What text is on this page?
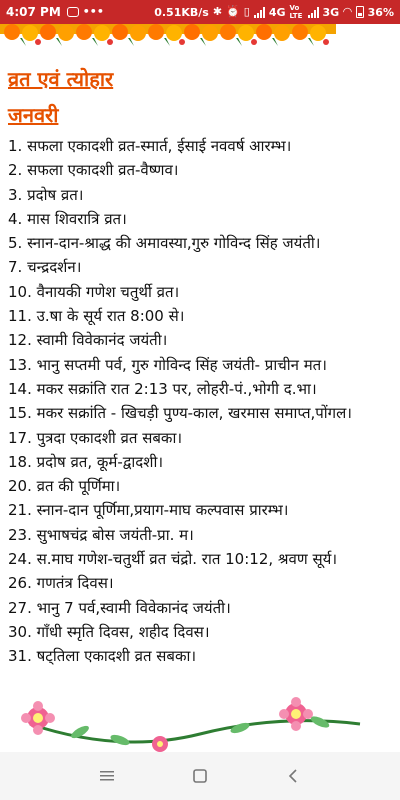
4:07 PM •••	0.51KB/s ✱ ⏰ ▯ 4G Vo LTE 3G ◠ 36%
व्रत एवं त्योहार
जनवरी
1. सफला एकादशी व्रत-स्मार्त, ईसाई नववर्ष आरम्भ।
2. सफला एकादशी व्रत-वैष्णव।
3. प्रदोष व्रत।
4. मास शिवरात्रि व्रत।
5. स्नान-दान-श्राद्ध की अमावस्या,गुरु गोविन्द सिंह जयंती।
7. चन्द्रदर्शन।
10. वैनायकी गणेश चतुर्थी व्रत।
11. उ.षा के सूर्य रात 8:00 से।
12. स्वामी विवेकानंद जयंती।
13. भानु सप्तमी पर्व, गुरु गोविन्द सिंह जयंती- प्राचीन मत।
14. मकर सक्रांति रात 2:13 पर, लोहरी-पं.,भोगी द.भा।
15. मकर सक्रांति - खिचड़ी पुण्य-काल, खरमास समाप्त,पोंगल।
17. पुत्रदा एकादशी व्रत सबका।
18. प्रदोष व्रत, कूर्म-द्वादशी।
20. व्रत की पूर्णिमा।
21. स्नान-दान पूर्णिमा,प्रयाग-माघ कल्पवास प्रारम्भ।
23. सुभाषचंद्र बोस जयंती-प्रा. म।
24. स.माघ गणेश-चतुर्थी व्रत चंद्रो. रात 10:12, श्रवण सूर्य।
26. गणतंत्र दिवस।
27. भानु 7 पर्व,स्वामी विवेकानंद जयंती।
30. गाँधी स्मृति दिवस, शहीद दिवस।
31. षट्तिला एकादशी व्रत सबका।
